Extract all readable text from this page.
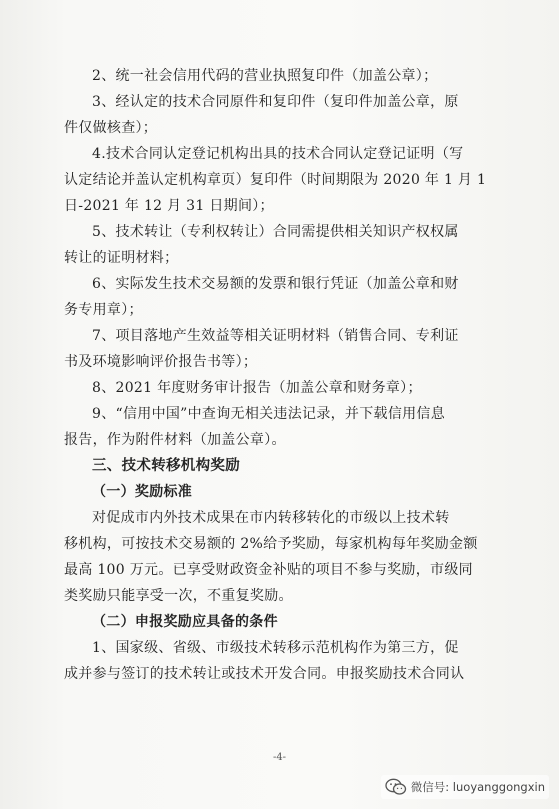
2、统一社会信用代码的营业执照复印件（加盖公章）；
3、经认定的技术合同原件和复印件（复印件加盖公章，原
件仅做核查）；
4.技术合同认定登记机构出具的技术合同认定登记证明（写
认定结论并盖认定机构章页）复印件（时间期限为 2020 年 1 月 1
日-2021 年 12 月 31 日期间）；
5、技术转让（专利权转让）合同需提供相关知识产权权属
转让的证明材料；
6、实际发生技术交易额的发票和银行凭证（加盖公章和财
务专用章）；
7、项目落地产生效益等相关证明材料（销售合同、专利证
书及环境影响评价报告书等）；
8、2021 年度财务审计报告（加盖公章和财务章）；
9、“信用中国”中查询无相关违法记录，并下载信用信息
报告，作为附件材料（加盖公章）。
三、技术转移机构奖励
（一）奖励标准
对促成市内外技术成果在市内转移转化的市级以上技术转
移机构，可按技术交易额的 2%给予奖励，每家机构每年奖励金额
最高 100 万元。已享受财政资金补贴的项目不参与奖励，市级同
类奖励只能享受一次，不重复奖励。
（二）申报奖励应具备的条件
1、国家级、省级、市级技术转移示范机构作为第三方，促
成并参与签订的技术转让或技术开发合同。申报奖励技术合同认
-4-
微信号: luoyanggongxin
